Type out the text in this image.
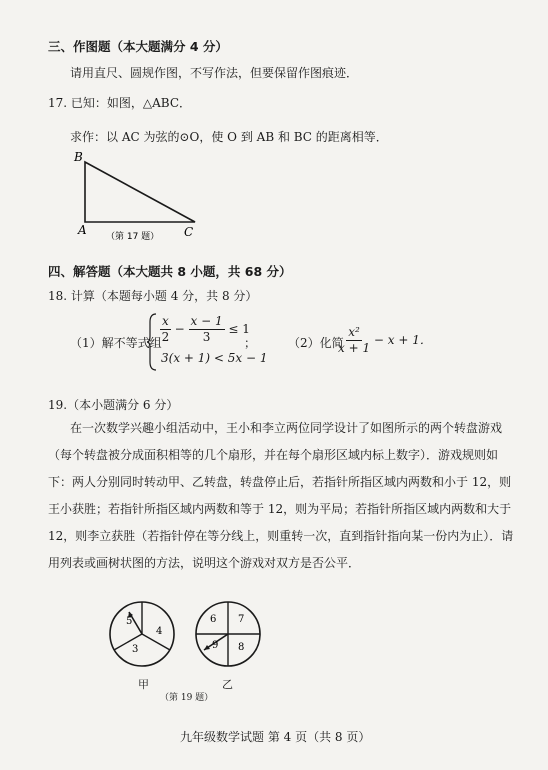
三、作图题（本大题满分 4 分）
请用直尺、圆规作图，不写作法，但要保留作图痕迹．
17. 已知：如图，△ABC．
求作：以 AC 为弦的⊙O，使 O 到 AB 和 BC 的距离相等．
B
A	C
（第 17 题）
四、解答题（本大题共 8 小题，共 68 分）
18. 计算（本题每小题 4 分，共 8 分）
（1）解不等式组
$\frac{x}{2} - \frac{x - 1}{3} \le 1$
3(x + 1) < 5x − 1
；	（2）化简
$\frac{\text{x²}}{x + 1} - x + 1$．
19.（本小题满分 6 分）
在一次数学兴趣小组活动中，王小和李立两位同学设计了如图所示的两个转盘游戏（每个转盘被分成面积相等的几个扇形，并在每个扇形区域内标上数字）．游戏规则如下：两人分别同时转动甲、乙转盘，转盘停止后，若指针所指区域内两数和小于 12，则王小获胜；若指针所指区域内两数和等于 12，则为平局；若指针所指区域内两数和大于 12，则李立获胜（若指针停在等分线上，则重转一次，直到指针指向某一份内为止）．请用列表或画树状图的方法，说明这个游戏对双方是否公平．
5
4
3
6 7
9 8
甲	乙
（第 19 题）
九年级数学试题 第 4 页（共 8 页）
